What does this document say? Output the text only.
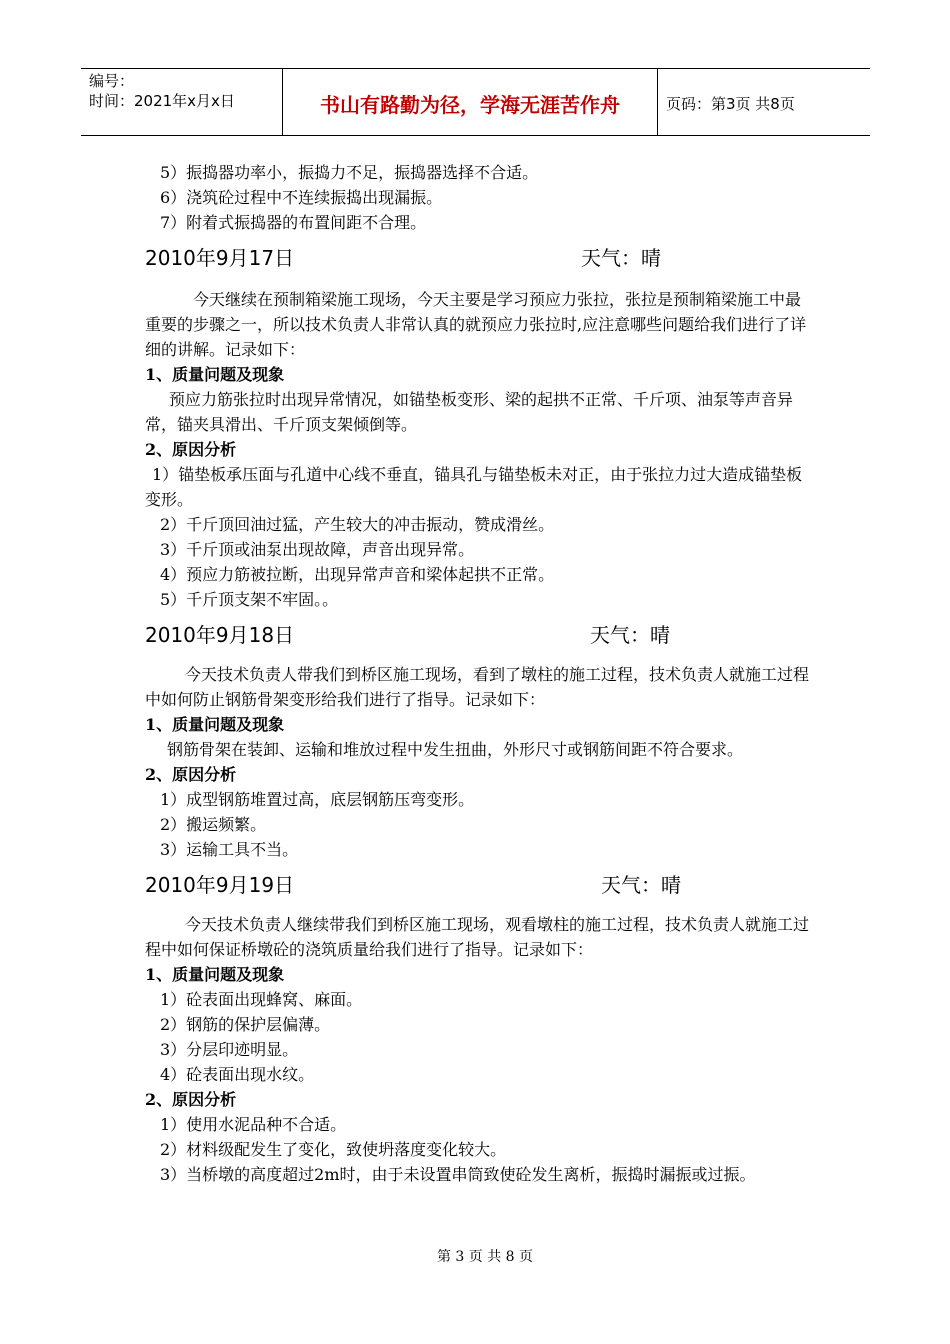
编号：
时间：2021年x月x日	书山有路勤为径，学海无涯苦作舟	页码：第3页 共8页
5）振捣器功率小，振捣力不足，振捣器选择不合适。
6）浇筑砼过程中不连续振捣出现漏振。
7）附着式振捣器的布置间距不合理。
2010年9月17日	天气：晴
今天继续在预制箱梁施工现场，今天主要是学习预应力张拉，张拉是预制箱梁施工中最重要的步骤之一，所以技术负责人非常认真的就预应力张拉时,应注意哪些问题给我们进行了详细的讲解。记录如下：
1、质量问题及现象
预应力筋张拉时出现异常情况，如锚垫板变形、梁的起拱不正常、千斤项、油泵等声音异常，锚夹具滑出、千斤顶支架倾倒等。
2、原因分析
1）锚垫板承压面与孔道中心线不垂直，锚具孔与锚垫板未对正，由于张拉力过大造成锚垫板变形。
2）千斤顶回油过猛，产生较大的冲击振动，赞成滑丝。
3）千斤顶或油泵出现故障，声音出现异常。
4）预应力筋被拉断，出现异常声音和梁体起拱不正常。
5）千斤顶支架不牢固。。
2010年9月18日	天气：晴
今天技术负责人带我们到桥区施工现场，看到了墩柱的施工过程，技术负责人就施工过程中如何防止钢筋骨架变形给我们进行了指导。记录如下：
1、质量问题及现象
钢筋骨架在装卸、运输和堆放过程中发生扭曲，外形尺寸或钢筋间距不符合要求。
2、原因分析
1）成型钢筋堆置过高，底层钢筋压弯变形。
2）搬运频繁。
3）运输工具不当。
2010年9月19日	天气：晴
今天技术负责人继续带我们到桥区施工现场，观看墩柱的施工过程，技术负责人就施工过程中如何保证桥墩砼的浇筑质量给我们进行了指导。记录如下：
1、质量问题及现象
1）砼表面出现蜂窝、麻面。
2）钢筋的保护层偏薄。
3）分层印迹明显。
4）砼表面出现水纹。
2、原因分析
1）使用水泥品种不合适。
2）材料级配发生了变化，致使坍落度变化较大。
3）当桥墩的高度超过2m时，由于未设置串筒致使砼发生离析，振捣时漏振或过振。
第 3 页 共 8 页
